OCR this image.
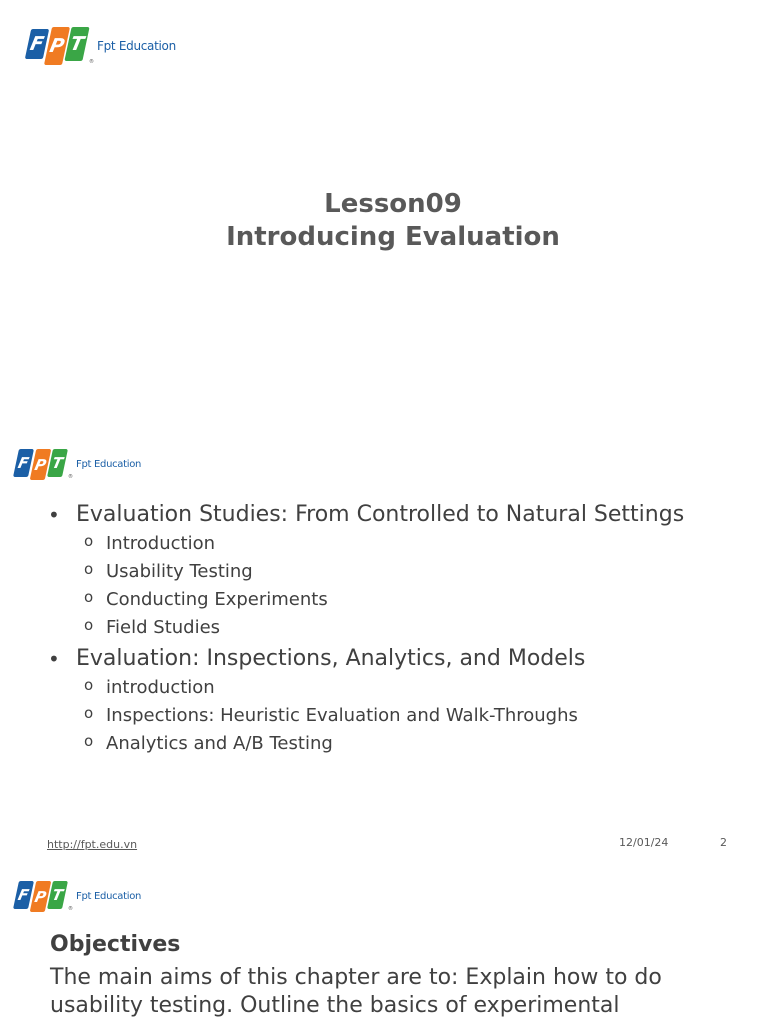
F P T
®
Fpt Education
Lesson09
Introducing Evaluation
F P T
®
Fpt Education
• Evaluation Studies: From Controlled to Natural Settings
o Introduction
o Usability Testing
o Conducting Experiments
o Field Studies
• Evaluation: Inspections, Analytics, and Models
o introduction
o Inspections: Heuristic Evaluation and Walk-Throughs
o Analytics and A/B Testing
http://fpt.edu.vn	12/01/24	2
F P T
®
Fpt Education
Objectives
The main aims of this chapter are to: Explain how to do usability testing. Outline the basics of experimental
